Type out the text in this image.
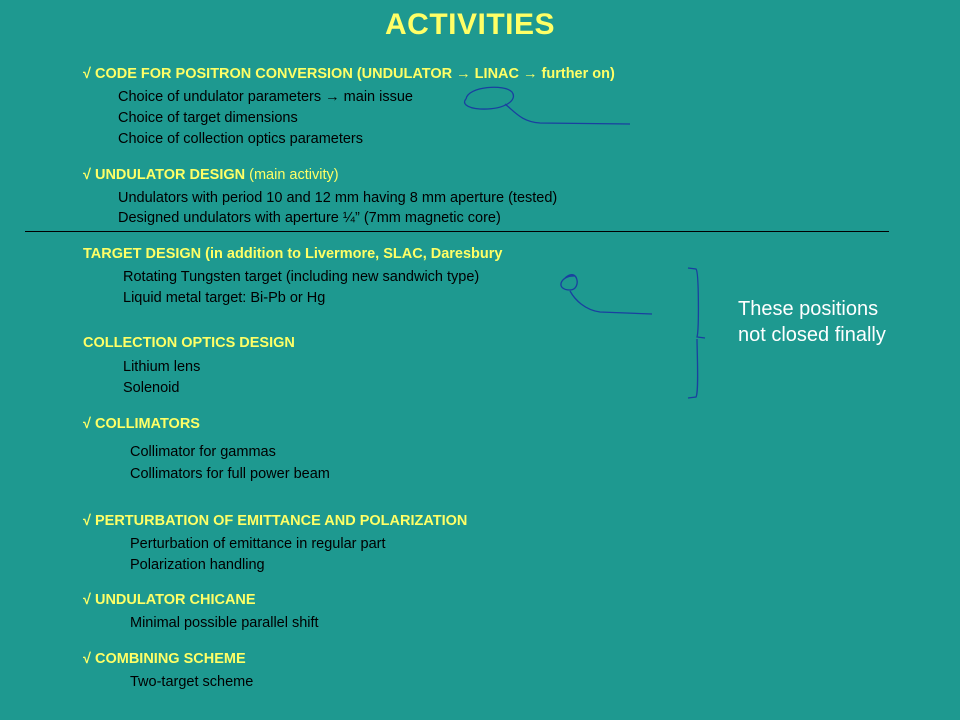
ACTIVITIES
√ CODE FOR POSITRON CONVERSION (UNDULATOR → LINAC → further on)
Choice of undulator parameters → main issue
Choice of target dimensions
Choice of collection optics parameters
√ UNDULATOR DESIGN (main activity)
Undulators with period 10 and 12 mm having 8 mm aperture (tested)
Designed undulators with aperture ¼” (7mm magnetic core)
TARGET DESIGN (in addition to Livermore, SLAC, Daresbury
Rotating Tungsten target (including new sandwich type)
Liquid metal target: Bi-Pb or Hg
COLLECTION OPTICS DESIGN
Lithium lens
Solenoid
√ COLLIMATORS
Collimator for gammas
Collimators for full power beam
√ PERTURBATION OF EMITTANCE AND POLARIZATION
Perturbation of emittance in regular part
Polarization handling
√ UNDULATOR CHICANE
Minimal possible parallel shift
√ COMBINING SCHEME
Two-target scheme
These positions not closed finally
